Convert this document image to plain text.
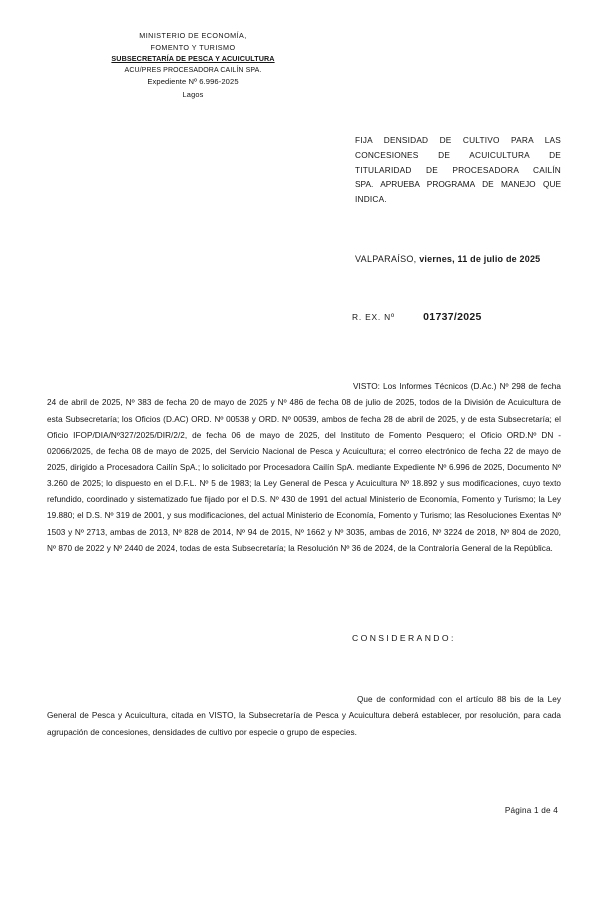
MINISTERIO DE ECONOMÍA,
FOMENTO Y TURISMO
SUBSECRETARÍA DE PESCA Y ACUICULTURA
ACU/PRES PROCESADORA CAILÍN SPA.
Expediente Nº 6.996-2025
Lagos
FIJA DENSIDAD DE CULTIVO PARA LAS
CONCESIONES DE ACUICULTURA DE
TITULARIDAD DE PROCESADORA CAILÍN
SPA. APRUEBA PROGRAMA DE MANEJO QUE
INDICA.
VALPARAÍSO, viernes, 11 de julio de 2025
R. EX. Nº	01737/2025

VISTO: Los Informes Técnicos (D.Ac.) Nº 298 de fecha 24 de abril de 2025, Nº 383 de fecha 20 de mayo de 2025 y Nº 486 de fecha 08 de julio de 2025, todos de la División de Acuicultura de esta Subsecretaría; los Oficios (D.AC) ORD. Nº 00538 y ORD. Nº 00539, ambos de fecha 28 de abril de 2025, y de esta Subsecretaría; el Oficio IFOP/DIA/Nº327/2025/DIR/2/2, de fecha 06 de mayo de 2025, del Instituto de Fomento Pesquero; el Oficio ORD.Nº DN - 02066/2025, de fecha 08 de mayo de 2025, del Servicio Nacional de Pesca y Acuicultura; el correo electrónico de fecha 22 de mayo de 2025, dirigido a Procesadora Cailín SpA.; lo solicitado por Procesadora Cailín SpA. mediante Expediente Nº 6.996 de 2025, Documento Nº 3.260 de 2025; lo dispuesto en el D.F.L. Nº 5 de 1983; la Ley General de Pesca y Acuicultura Nº 18.892 y sus modificaciones, cuyo texto refundido, coordinado y sistematizado fue fijado por el D.S. Nº 430 de 1991 del actual Ministerio de Economía, Fomento y Turismo; la Ley 19.880; el D.S. Nº 319 de 2001, y sus modificaciones, del actual Ministerio de Economía, Fomento y Turismo; las Resoluciones Exentas Nº 1503 y Nº 2713, ambas de 2013, Nº 828 de 2014, Nº 94 de 2015, Nº 1662 y Nº 3035, ambas de 2016, Nº 3224 de 2018, Nº 804 de 2020, Nº 870 de 2022 y Nº 2440 de 2024, todas de esta Subsecretaría; la Resolución Nº 36 de 2024, de la Contraloría General de la República.

CONSIDERANDO:

Que de conformidad con el artículo 88 bis de la Ley General de Pesca y Acuicultura, citada en VISTO, la Subsecretaría de Pesca y Acuicultura deberá establecer, por resolución, para cada agrupación de concesiones, densidades de cultivo por especie o grupo de especies.

Página 1 de 4
